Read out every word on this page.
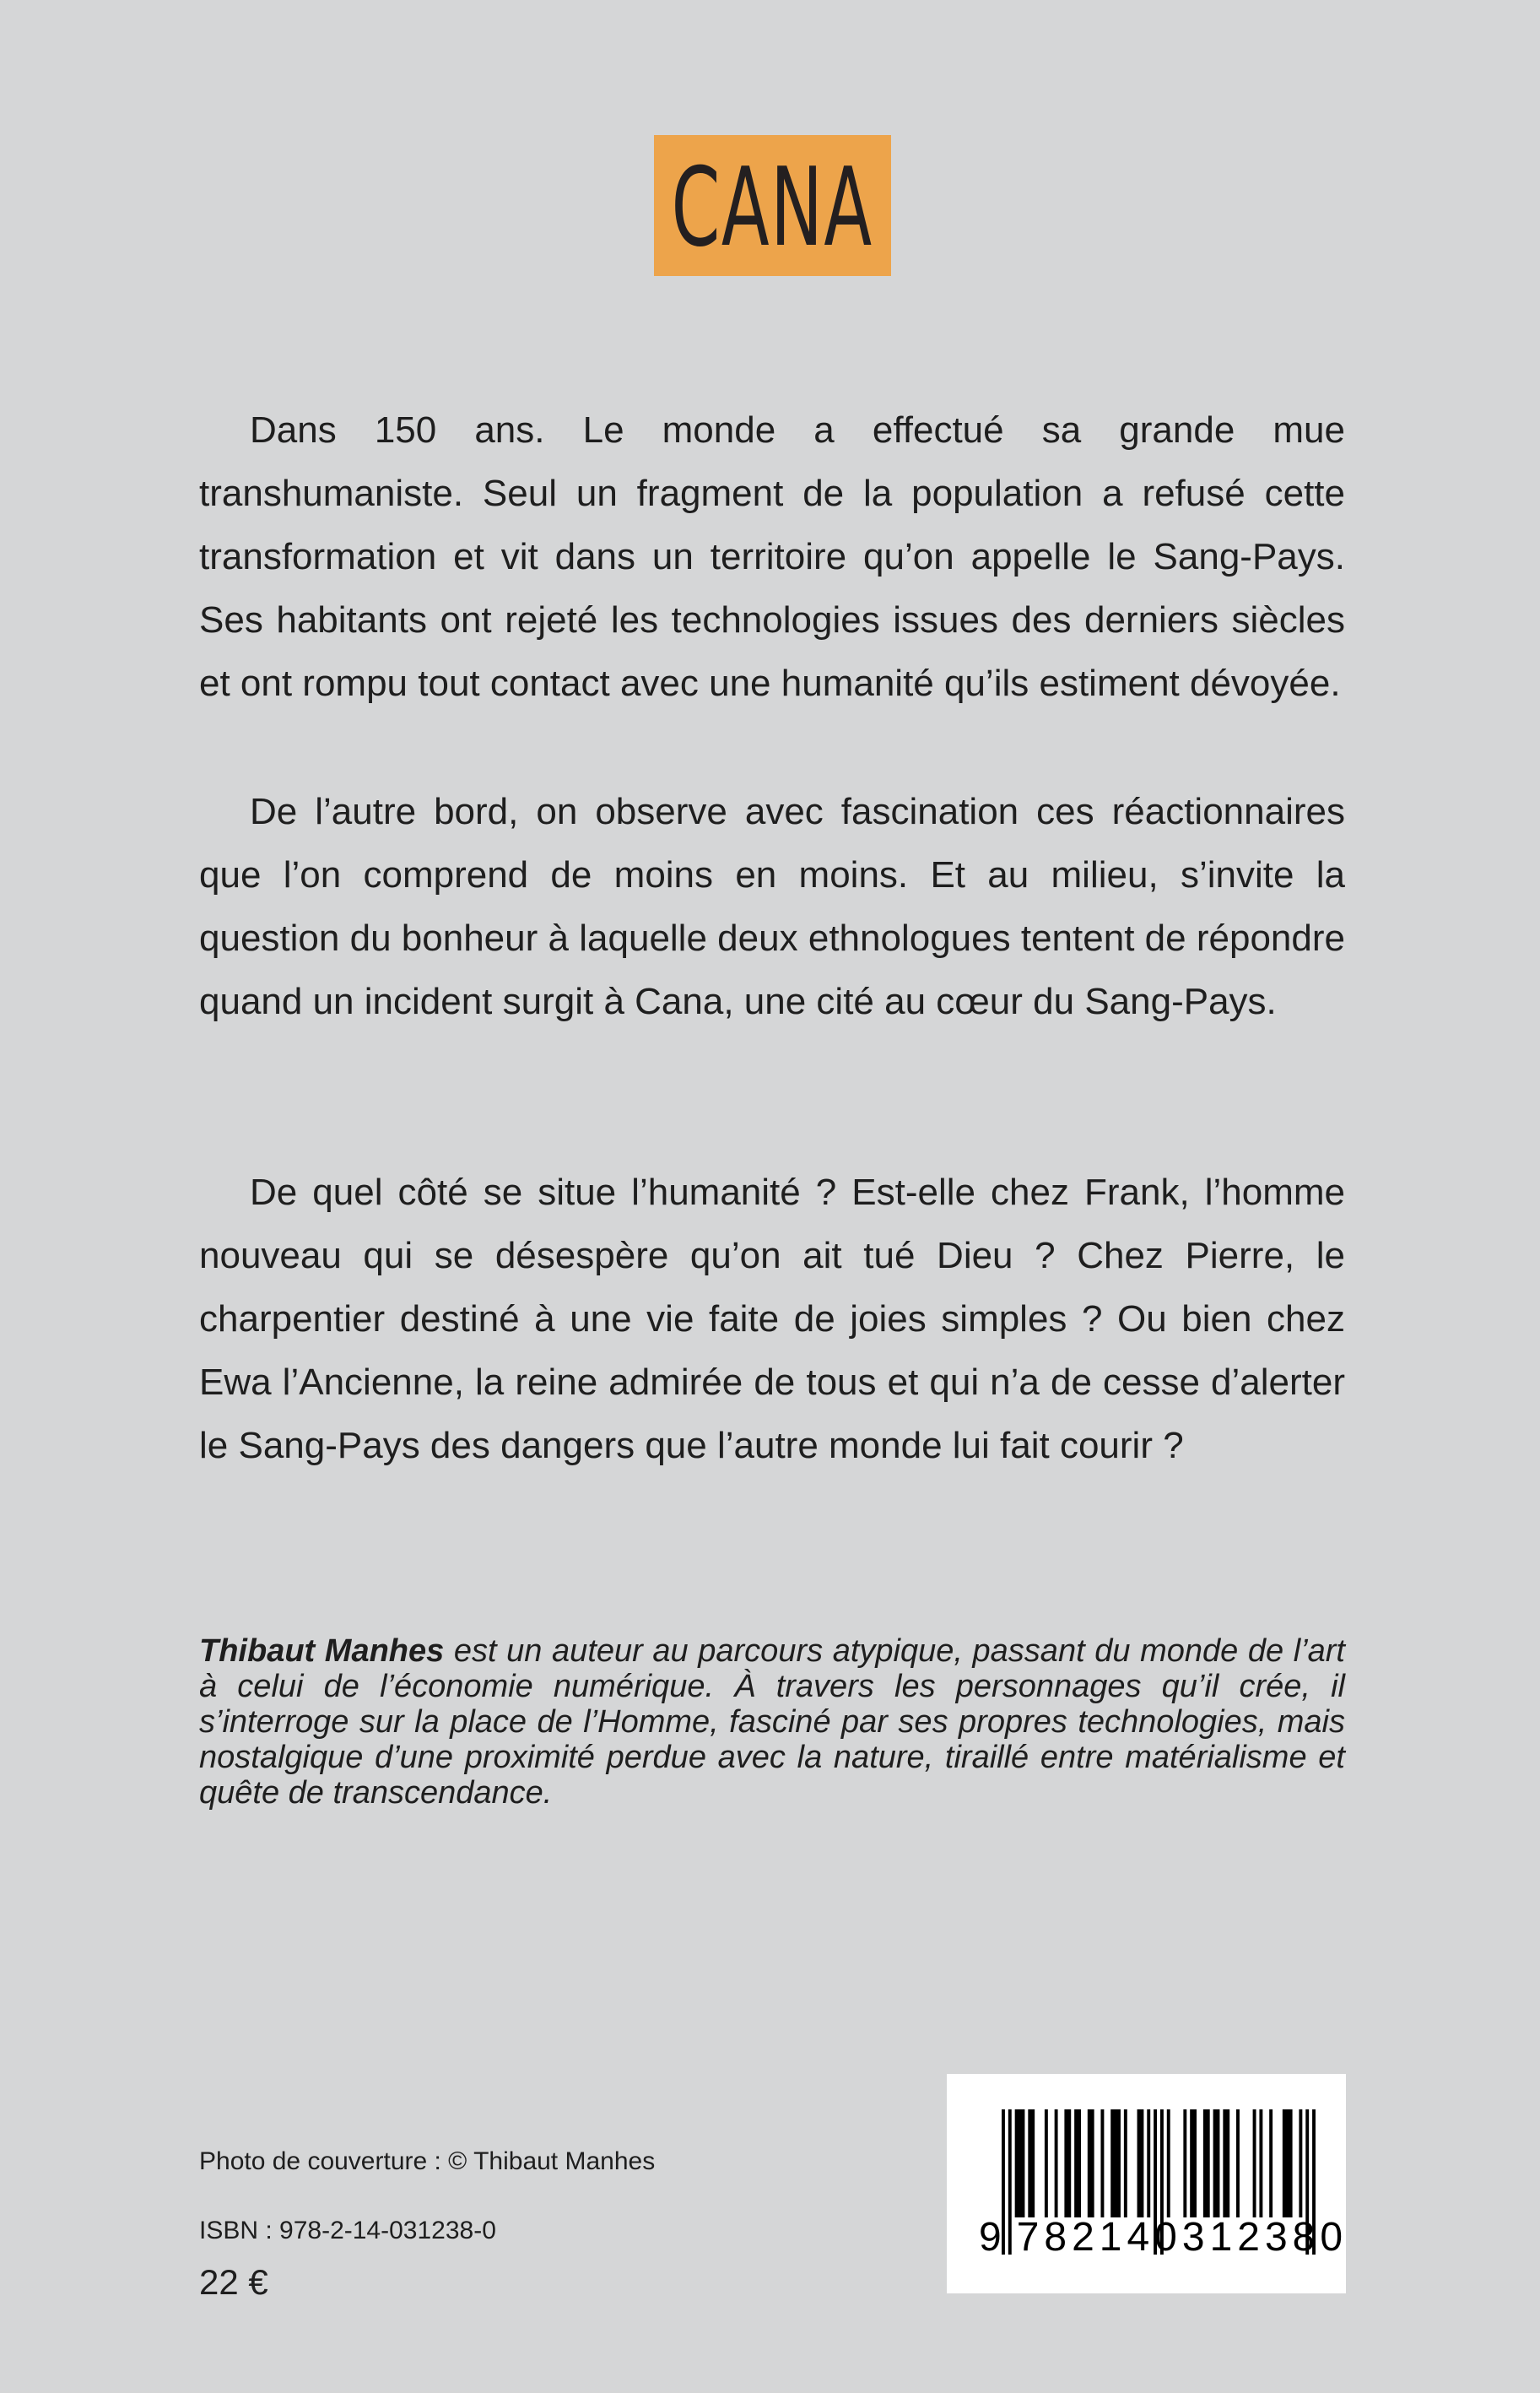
CANA

Dans 150 ans. Le monde a effectué sa grande mue transhumaniste. Seul un fragment de la population a refusé cette transformation et vit dans un territoire qu’on appelle le Sang-Pays. Ses habitants ont rejeté les technologies issues des derniers siècles et ont rompu tout contact avec une humanité qu’ils estiment dévoyée.

De l’autre bord, on observe avec fascination ces réactionnaires que l’on comprend de moins en moins. Et au milieu, s’invite la question du bonheur à laquelle deux ethnologues tentent de répondre quand un incident surgit à Cana, une cité au cœur du Sang-Pays.

De quel côté se situe l’humanité ? Est-elle chez Frank, l’homme nouveau qui se désespère qu’on ait tué Dieu ? Chez Pierre, le charpentier destiné à une vie faite de joies simples ? Ou bien chez Ewa l’Ancienne, la reine admirée de tous et qui n’a de cesse d’alerter le Sang-Pays des dangers que l’autre monde lui fait courir ?

Thibaut Manhes est un auteur au parcours atypique, passant du monde de l’art à celui de l’économie numérique. À travers les personnages qu’il crée, il s’interroge sur la place de l’Homme, fasciné par ses propres technologies, mais nostalgique d’une proximité perdue avec la nature, tiraillé entre matérialisme et quête de transcendance.

Photo de couverture : © Thibaut Manhes
ISBN : 978-2-14-031238-0
22 €
9 782140312380
